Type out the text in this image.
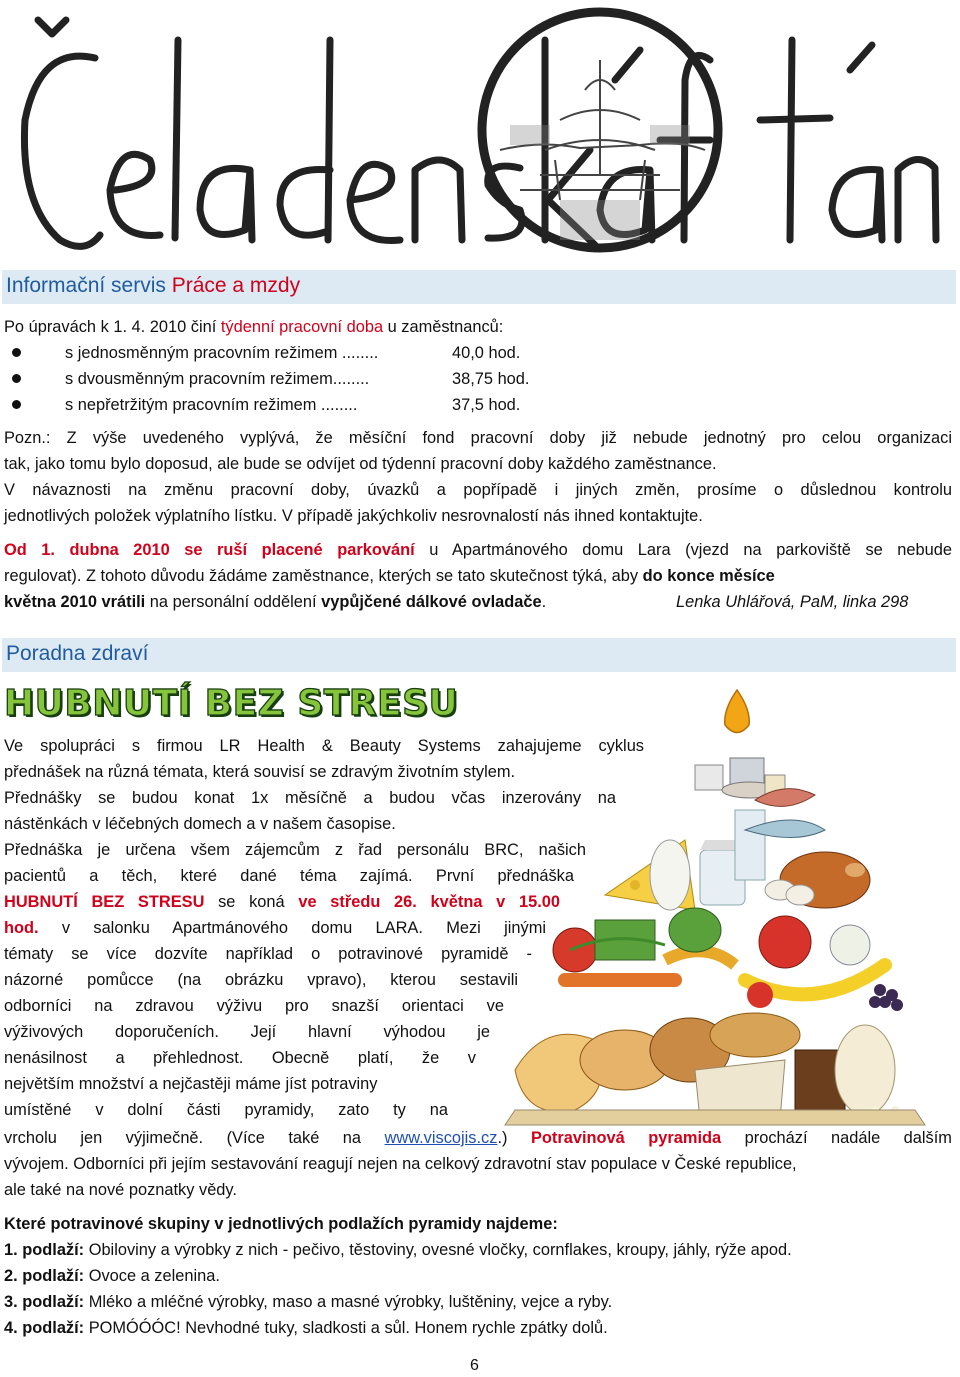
Informační servis Práce a mzdy
Po úpravách k 1. 4. 2010 činí týdenní pracovní doba u zaměstnanců:
s jednosměnným pracovním režimem ........	40,0 hod.
s dvousměnným pracovním režimem........	38,75 hod.
s nepřetržitým pracovním režimem ........	37,5 hod.
Pozn.: Z výše uvedeného vyplývá, že měsíční fond pracovní doby již nebude jednotný pro celou organizaci
tak, jako tomu bylo doposud, ale bude se odvíjet od týdenní pracovní doby každého zaměstnance.
V návaznosti na změnu pracovní doby, úvazků a popřípadě i jiných změn, prosíme o důslednou kontrolu
jednotlivých položek výplatního lístku. V případě jakýchkoliv nesrovnalostí nás ihned kontaktujte.
Od 1. dubna 2010 se ruší placené parkování u Apartmánového domu Lara (vjezd na parkoviště se nebude
regulovat). Z tohoto důvodu žádáme zaměstnance, kterých se tato skutečnost týká, aby do konce měsíce
května 2010 vrátili na personální oddělení vypůjčené dálkové ovladače.	Lenka Uhlářová, PaM, linka 298
Poradna zdraví
HUBNUTÍ BEZ STRESU
Ve spolupráci s firmou LR Health & Beauty Systems zahajujeme cyklus
přednášek na různá témata, která souvisí se zdravým životním stylem.
Přednášky se budou konat 1x měsíčně a budou včas inzerovány na
nástěnkách v léčebných domech a v našem časopise.
Přednáška je určena všem zájemcům z řad personálu BRC, našich
pacientů a těch, které dané téma zajímá. První přednáška
HUBNUTÍ BEZ STRESU se koná ve středu 26. května v 15.00
hod. v salonku Apartmánového domu LARA. Mezi jinými
tématy se více dozvíte například o potravinové pyramidě -
názorné pomůcce (na obrázku vpravo), kterou sestavili
odborníci na zdravou výživu pro snazší orientaci ve
výživových doporučeních. Její hlavní výhodou je
nenásilnost a přehlednost. Obecně platí, že v
největším množství a nejčastěji máme jíst potraviny
umístěné v dolní části pyramidy, zato ty na
vrcholu jen výjimečně. (Více také na www.viscojis.cz.) Potravinová pyramida prochází nadále dalším
vývojem. Odborníci při jejím sestavování reagují nejen na celkový zdravotní stav populace v České republice,
ale také na nové poznatky vědy.
Které potravinové skupiny v jednotlivých podlažích pyramidy najdeme:
1. podlaží: Obiloviny a výrobky z nich - pečivo, těstoviny, ovesné vločky, cornflakes, kroupy, jáhly, rýže apod.
2. podlaží: Ovoce a zelenina.
3. podlaží: Mléko a mléčné výrobky, maso a masné výrobky, luštěniny, vejce a ryby.
4. podlaží: POMÓÓÓC! Nevhodné tuky, sladkosti a sůl. Honem rychle zpátky dolů.
6
